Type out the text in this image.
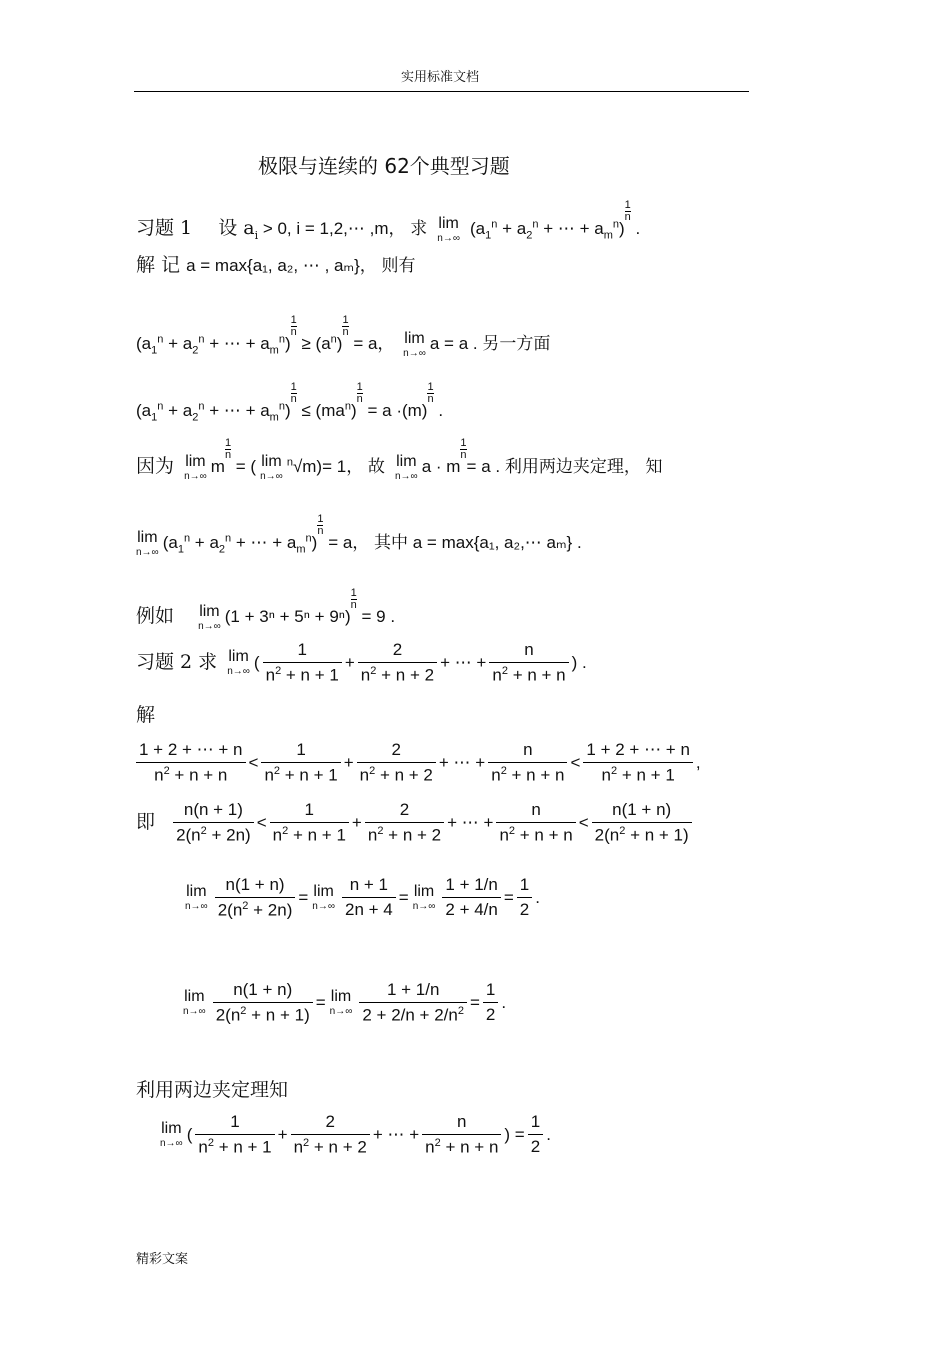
实用标准文档
极限与连续的 62个典型习题
习题 1 设 $a_i > 0$, i = 1,2,⋯ ,m， 求 lim
n→∞ ($a_1^n + a_2^n$ + ⋯ + $a_m^n$)
1
n .
解 记 a = max{a₁, a₂, ⋯ , aₘ}， 则有
($a_1^n + a_2^n$ + ⋯ + $a_m^n$)
1
$n \ge (a^n)$
1
n = a， lim
n→∞ a = a . 另一方面
($a_1^n + a_2^n$ + ⋯ + $a_m^n$)
1
$n \le (ma^n)$
1
n = a ·(m)
1
n .
因为 lim
n→∞ m
1
n = ( lim
n→∞
$^n$√m)= 1， 故 lim
n→∞ a · m
1
n= a . 利用两边夹定理， 知
lim
n→∞ ($a_1^n + a_2^n$ + ⋯ + $a_m^n$)
1
n = a， 其中 a = max{a₁, a₂,⋯ aₘ} .
例如 lim
n→∞ (1 + 3ⁿ + 5ⁿ + 9ⁿ)
1
n = 9 .
习题 2 求 lim
n→∞ ( $\frac{1}{n^2 + n + 1} + \frac{2}{n^2 + n + 2}$ + ⋯ + $\frac{n}{n^2 + n + n}$ ) .
解
$\frac{1 + 2 + \cdots + n}{n^2 + n + n} < \frac{1}{n^2 + n + 1} + \frac{2}{n^2 + n + 2}$ + ⋯ + $\frac{n}{n^2 + n + n} < \frac{1 + 2 + \cdots + n}{n^2 + n + 1}$ ,
即 $\frac{n(n + 1)}{2(n^2 + 2n)} < \frac{1}{n^2 + n + 1} + \frac{2}{n^2 + n + 2}$ + ⋯ + $\frac{n}{n^2 + n + n} < \frac{n(1 + n)}{2(n^2 + n + 1)}$
lim
$n\to\infty \frac{n(1 + n)}{2(n^2 + 2n)} = \lim$
$n\to\infty \frac{n + 1}{2n + 4} = \lim$
$n\to\infty \frac{1 + 1/n}{2 + 4/n} = \frac{1}{2}$ .
lim
$n\to\infty \frac{n(1 + n)}{2(n^2 + n + 1)} = \lim$
$n\to\infty \frac{1 + 1/n}{2 + 2/n + 2/n^2} = \frac{1}{2}$ .
利用两边夹定理知
lim
n→∞ ( $\frac{1}{n^2 + n + 1} + \frac{2}{n^2 + n + 2}$ + ⋯ + $\frac{n}{n^2 + n + n}$ ) = $\frac{1}{2}$ .
精彩文案
